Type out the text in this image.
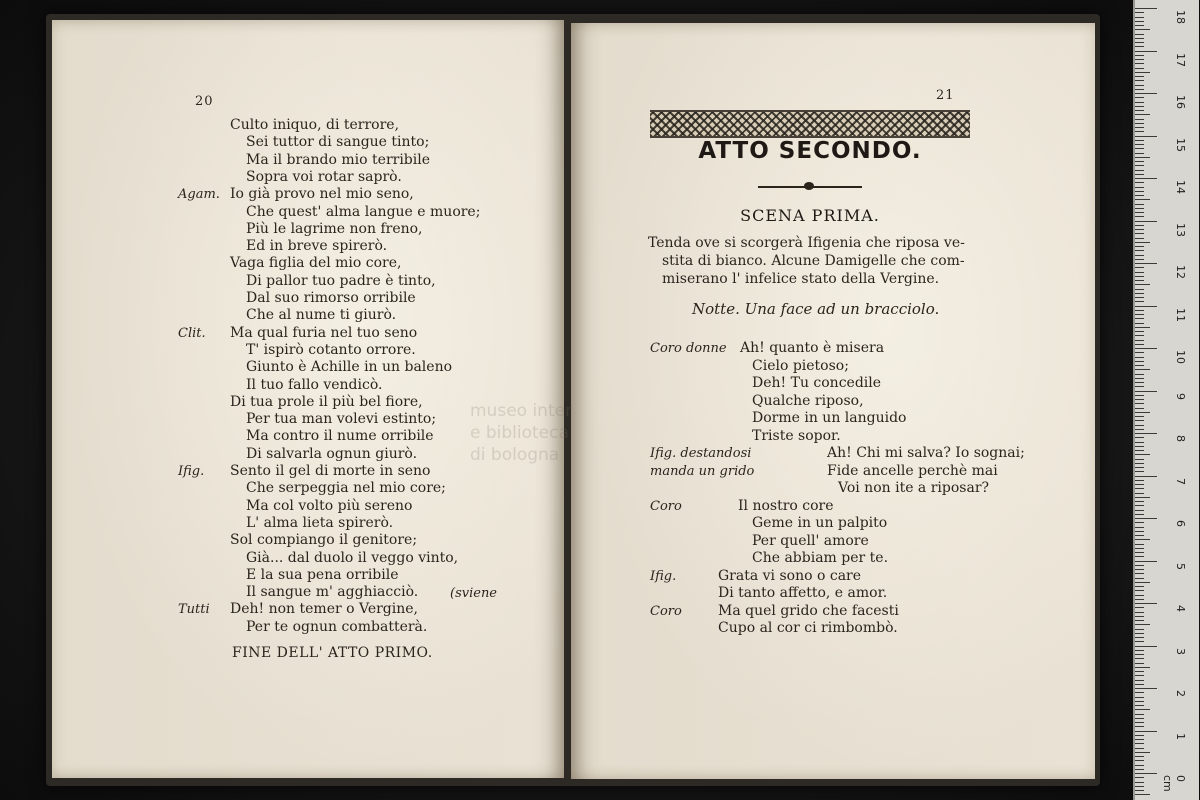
20	21
Culto iniquo, di terrore,
Sei tuttor di sangue tinto;
Ma il brando mio terribile
Sopra voi rotar saprò.
Agam. Io già provo nel mio seno,
Che quest' alma langue e muore;
Più le lagrime non freno,
Ed in breve spirerò.
Vaga figlia del mio core,
Di pallor tuo padre è tinto,
Dal suo rimorso orribile
Che al nume ti giurò.
Clit. Ma qual furia nel tuo seno
T' ispirò cotanto orrore.
Giunto è Achille in un baleno
Il tuo fallo vendicò.
Di tua prole il più bel fiore,
Per tua man volevi estinto;
Ma contro il nume orribile
Di salvarla ognun giurò.
Ifig. Sento il gel di morte in seno
Che serpeggia nel mio core;
Ma col volto più sereno
L' alma lieta spirerò.
Sol compiango il genitore;
Già... dal duolo il veggo vinto,
E la sua pena orribile
Il sangue m' agghiacciò.
Tutti Deh! non temer o Vergine,
Per te ognun combatterà.
(sviene
FINE DELL' ATTO PRIMO.
ATTO SECONDO.
SCENA PRIMA.
Tenda ove si scorgerà Ifigenia che riposa ve-
stita di bianco. Alcune Damigelle che com-
miserano l' infelice stato della Vergine.
Notte. Una face ad un bracciolo.
Coro donne Ah! quanto è misera
Cielo pietoso;
Deh! Tu concedile
Qualche riposo,
Dorme in un languido
Triste sopor.
Ifig. destandosi	Ah! Chi mi salva? Io sognai;
manda un grido	Fide ancelle perchè mai
Voi non ite a riposar?
Coro	Il nostro core
Geme in un palpito
Per quell' amore
Che abbiam per te.
Ifig.	Grata vi sono o care
Di tanto affetto, e amor.
Coro	Ma quel grido che facesti
Cupo al cor ci rimbombò.
museo inter
e biblioteca
di bologna
18
17
16
15
14
13
12
11
10
9
8
7
6
5
4
3
2
1
0 cm
